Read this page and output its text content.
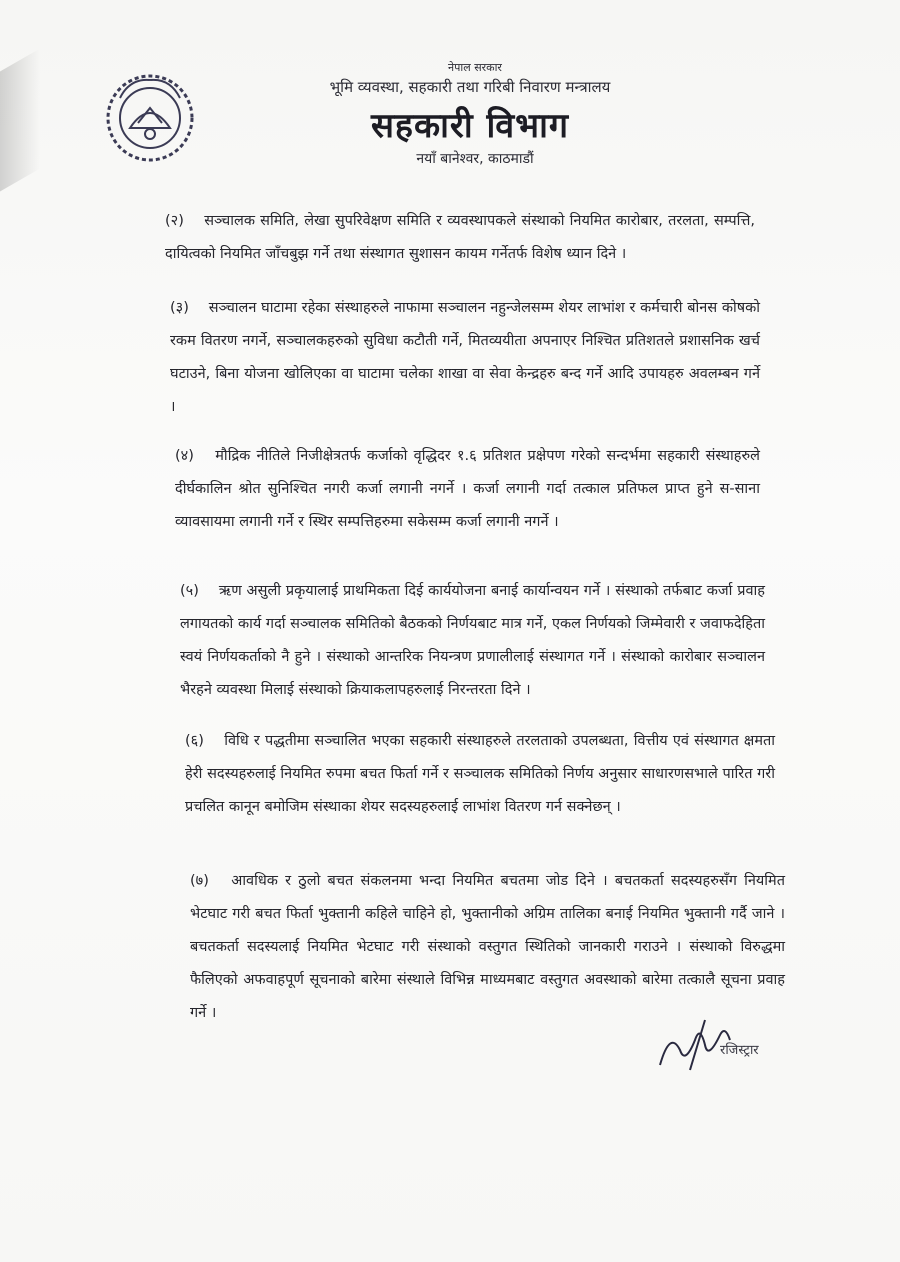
नेपाल सरकार
भूमि व्यवस्था, सहकारी तथा गरिबी निवारण मन्त्रालय
सहकारी विभाग
नयाँ बानेश्वर, काठमाडौं
(२) सञ्चालक समिति, लेखा सुपरिवेक्षण समिति र व्यवस्थापकले संस्थाको नियमित कारोबार, तरलता, सम्पत्ति, दायित्वको नियमित जाँचबुझ गर्ने तथा संस्थागत सुशासन कायम गर्नेतर्फ विशेष ध्यान दिने ।
(३) सञ्चालन घाटामा रहेका संस्थाहरुले नाफामा सञ्चालन नहुन्जेलसम्म शेयर लाभांश र कर्मचारी बोनस कोषको रकम वितरण नगर्ने, सञ्चालकहरुको सुविधा कटौती गर्ने, मितव्ययीता अपनाएर निश्चित प्रतिशतले प्रशासनिक खर्च घटाउने, बिना योजना खोलिएका वा घाटामा चलेका शाखा वा सेवा केन्द्रहरु बन्द गर्ने आदि उपायहरु अवलम्बन गर्ने ।
(४) मौद्रिक नीतिले निजीक्षेत्रतर्फ कर्जाको वृद्धिदर १.६ प्रतिशत प्रक्षेपण गरेको सन्दर्भमा सहकारी संस्थाहरुले दीर्घकालिन श्रोत सुनिश्चित नगरी कर्जा लगानी नगर्ने । कर्जा लगानी गर्दा तत्काल प्रतिफल प्राप्त हुने स-साना व्यावसायमा लगानी गर्ने र स्थिर सम्पत्तिहरुमा सकेसम्म कर्जा लगानी नगर्ने ।
(५) ऋण असुली प्रकृयालाई प्राथमिकता दिई कार्ययोजना बनाई कार्यान्वयन गर्ने । संस्थाको तर्फबाट कर्जा प्रवाह लगायतको कार्य गर्दा सञ्चालक समितिको बैठकको निर्णयबाट मात्र गर्ने, एकल निर्णयको जिम्मेवारी र जवाफदेहिता स्वयं निर्णयकर्ताको नै हुने । संस्थाको आन्तरिक नियन्त्रण प्रणालीलाई संस्थागत गर्ने । संस्थाको कारोबार सञ्चालन भैरहने व्यवस्था मिलाई संस्थाको क्रियाकलापहरुलाई निरन्तरता दिने ।
(६) विधि र पद्धतीमा सञ्चालित भएका सहकारी संस्थाहरुले तरलताको उपलब्धता, वित्तीय एवं संस्थागत क्षमता हेरी सदस्यहरुलाई नियमित रुपमा बचत फिर्ता गर्ने र सञ्चालक समितिको निर्णय अनुसार साधारणसभाले पारित गरी प्रचलित कानून बमोजिम संस्थाका शेयर सदस्यहरुलाई लाभांश वितरण गर्न सक्नेछन् ।
(७) आवधिक र ठुलो बचत संकलनमा भन्दा नियमित बचतमा जोड दिने । बचतकर्ता सदस्यहरुसँग नियमित भेटघाट गरी बचत फिर्ता भुक्तानी कहिले चाहिने हो, भुक्तानीको अग्रिम तालिका बनाई नियमित भुक्तानी गर्दै जाने । बचतकर्ता सदस्यलाई नियमित भेटघाट गरी संस्थाको वस्तुगत स्थितिको जानकारी गराउने । संस्थाको विरुद्धमा फैलिएको अफवाहपूर्ण सूचनाको बारेमा संस्थाले विभिन्न माध्यमबाट वस्तुगत अवस्थाको बारेमा तत्कालै सूचना प्रवाह गर्ने ।
रजिस्ट्रार
